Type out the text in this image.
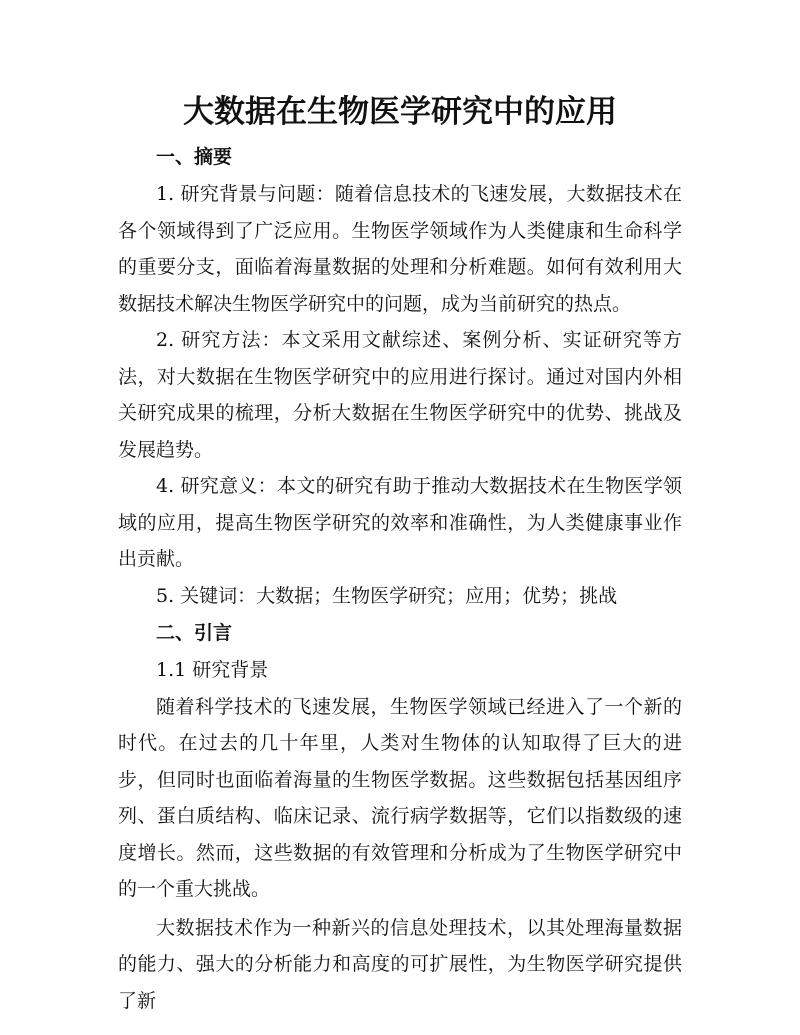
大数据在生物医学研究中的应用

一、摘要

1. 研究背景与问题：随着信息技术的飞速发展，大数据技术在各个领域得到了广泛应用。生物医学领域作为人类健康和生命科学的重要分支，面临着海量数据的处理和分析难题。如何有效利用大数据技术解决生物医学研究中的问题，成为当前研究的热点。

2. 研究方法：本文采用文献综述、案例分析、实证研究等方法，对大数据在生物医学研究中的应用进行探讨。通过对国内外相关研究成果的梳理，分析大数据在生物医学研究中的优势、挑战及发展趋势。

4. 研究意义：本文的研究有助于推动大数据技术在生物医学领域的应用，提高生物医学研究的效率和准确性，为人类健康事业作出贡献。

5. 关键词：大数据；生物医学研究；应用；优势；挑战

二、引言

1.1 研究背景

随着科学技术的飞速发展，生物医学领域已经进入了一个新的时代。在过去的几十年里，人类对生物体的认知取得了巨大的进步，但同时也面临着海量的生物医学数据。这些数据包括基因组序列、蛋白质结构、临床记录、流行病学数据等，它们以指数级的速度增长。然而，这些数据的有效管理和分析成为了生物医学研究中的一个重大挑战。

大数据技术作为一种新兴的信息处理技术，以其处理海量数据的能力、强大的分析能力和高度的可扩展性，为生物医学研究提供了新
